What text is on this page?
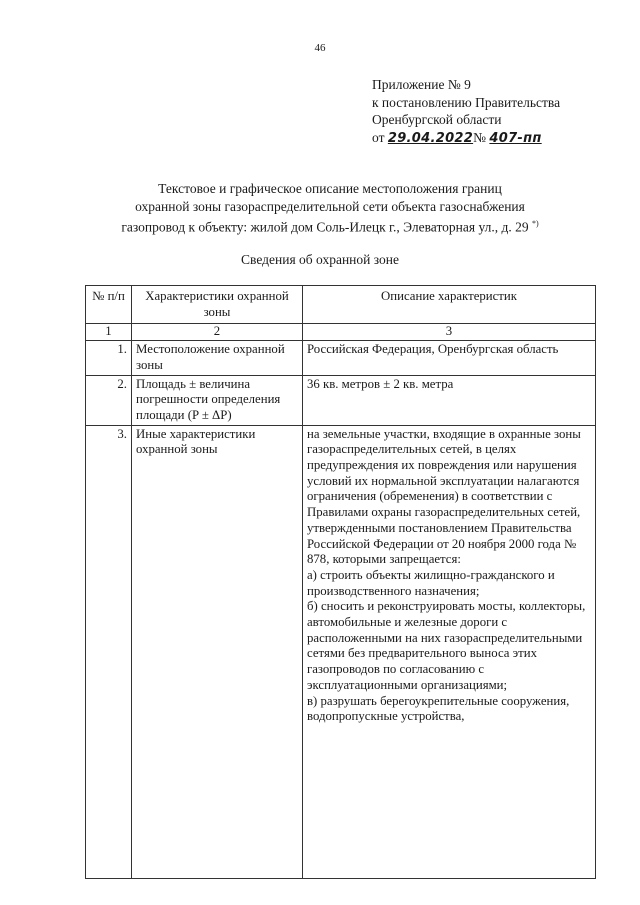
46
Приложение № 9
к постановлению Правительства
Оренбургской области
от 29.04.2022№ 407-пп
Текстовое и графическое описание местоположения границ
охранной зоны газораспределительной сети объекта газоснабжения
газопровод к объекту: жилой дом Соль-Илецк г., Элеваторная ул., д. 29 *)
Сведения об охранной зоне
№ п/п	Характеристики охранной зоны	Описание характеристик
1	2	3
1.	Местоположение охранной зоны	Российская Федерация, Оренбургская область
2.	Площадь ± величина погрешности определения площади (P ± ΔP)	36 кв. метров ± 2 кв. метра
3.	Иные характеристики охранной зоны	на земельные участки, входящие в охранные зоны газораспределительных сетей, в целях предупреждения их повреждения или нарушения условий их нормальной эксплуатации налагаются ограничения (обременения) в соответствии с Правилами охраны газораспределительных сетей, утвержденными постановлением Правительства Российской Федерации от 20 ноября 2000 года № 878, которыми запрещается:
а) строить объекты жилищно-гражданского и производственного назначения;
б) сносить и реконструировать мосты, коллекторы, автомобильные и железные дороги с расположенными на них газораспределительными сетями без предварительного выноса этих газопроводов по согласованию с эксплуатационными организациями;
в) разрушать берегоукрепительные сооружения, водопропускные устройства,
